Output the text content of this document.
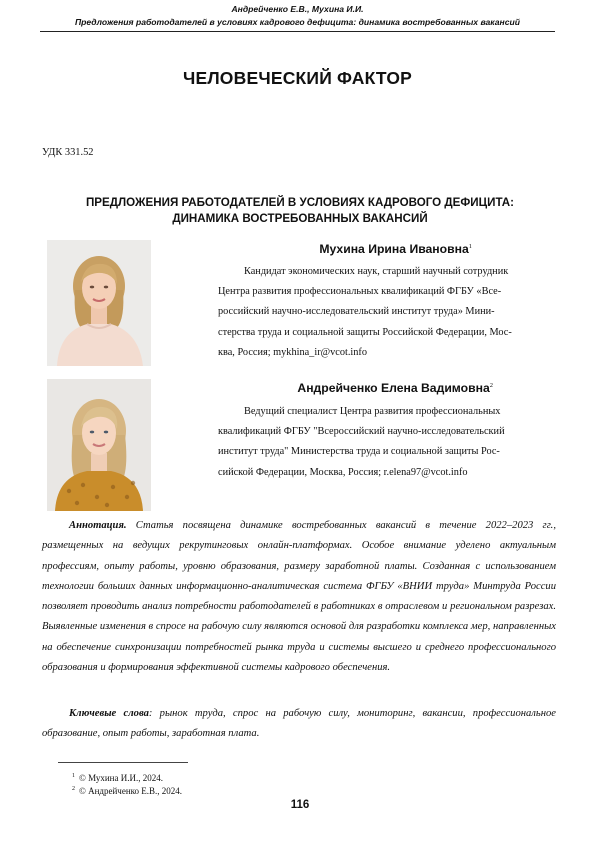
Андрейченко Е.В., Мухина И.И.
Предложения работодателей в условиях кадрового дефицита: динамика востребованных вакансий
ЧЕЛОВЕЧЕСКИЙ ФАКТОР
УДК 331.52
ПРЕДЛОЖЕНИЯ РАБОТОДАТЕЛЕЙ В УСЛОВИЯХ КАДРОВОГО ДЕФИЦИТА:
ДИНАМИКА ВОСТРЕБОВАННЫХ ВАКАНСИЙ
Мухина Ирина Ивановна$^1$
Кандидат экономических наук, старший научный сотрудник
Центра развития профессиональных квалификаций ФГБУ «Все-
российский научно-исследовательский институт труда» Мини-
стерства труда и социальной защиты Российской Федерации, Мос-
ква, Россия; mykhina_ir@vcot.info
Андрейченко Елена Вадимовна$^2$
Ведущий специалист Центра развития профессиональных
квалификаций ФГБУ "Всероссийский научно-исследовательский
институт труда" Министерства труда и социальной защиты Рос-
сийской Федерации, Москва, Россия; r.elena97@vcot.info
Аннотация. Статья посвящена динамике востребованных вакансий в течение 2022–2023 гг., размещенных на ведущих рекрутинговых онлайн-платформах. Особое внимание уделено актуальным профессиям, опыту работы, уровню образования, размеру заработной платы. Созданная с использованием технологии больших данных информационно-аналитическая система ФГБУ «ВНИИ труда» Минтруда России позволяет проводить анализ потребности работодателей в работниках в отраслевом и региональном разрезах. Выявленные изменения в спросе на рабочую силу являются основой для разработки комплекса мер, направленных на обеспечение синхронизации потребностей рынка труда и системы высшего и среднего профессионального образования и формирования эффективной системы кадрового обеспечения.
Ключевые слова: рынок труда, спрос на рабочую силу, мониторинг, вакансии, профессиональное образование, опыт работы, заработная плата.
$^1$ © Мухина И.И., 2024.
$^2$ © Андрейченко Е.В., 2024.
116
